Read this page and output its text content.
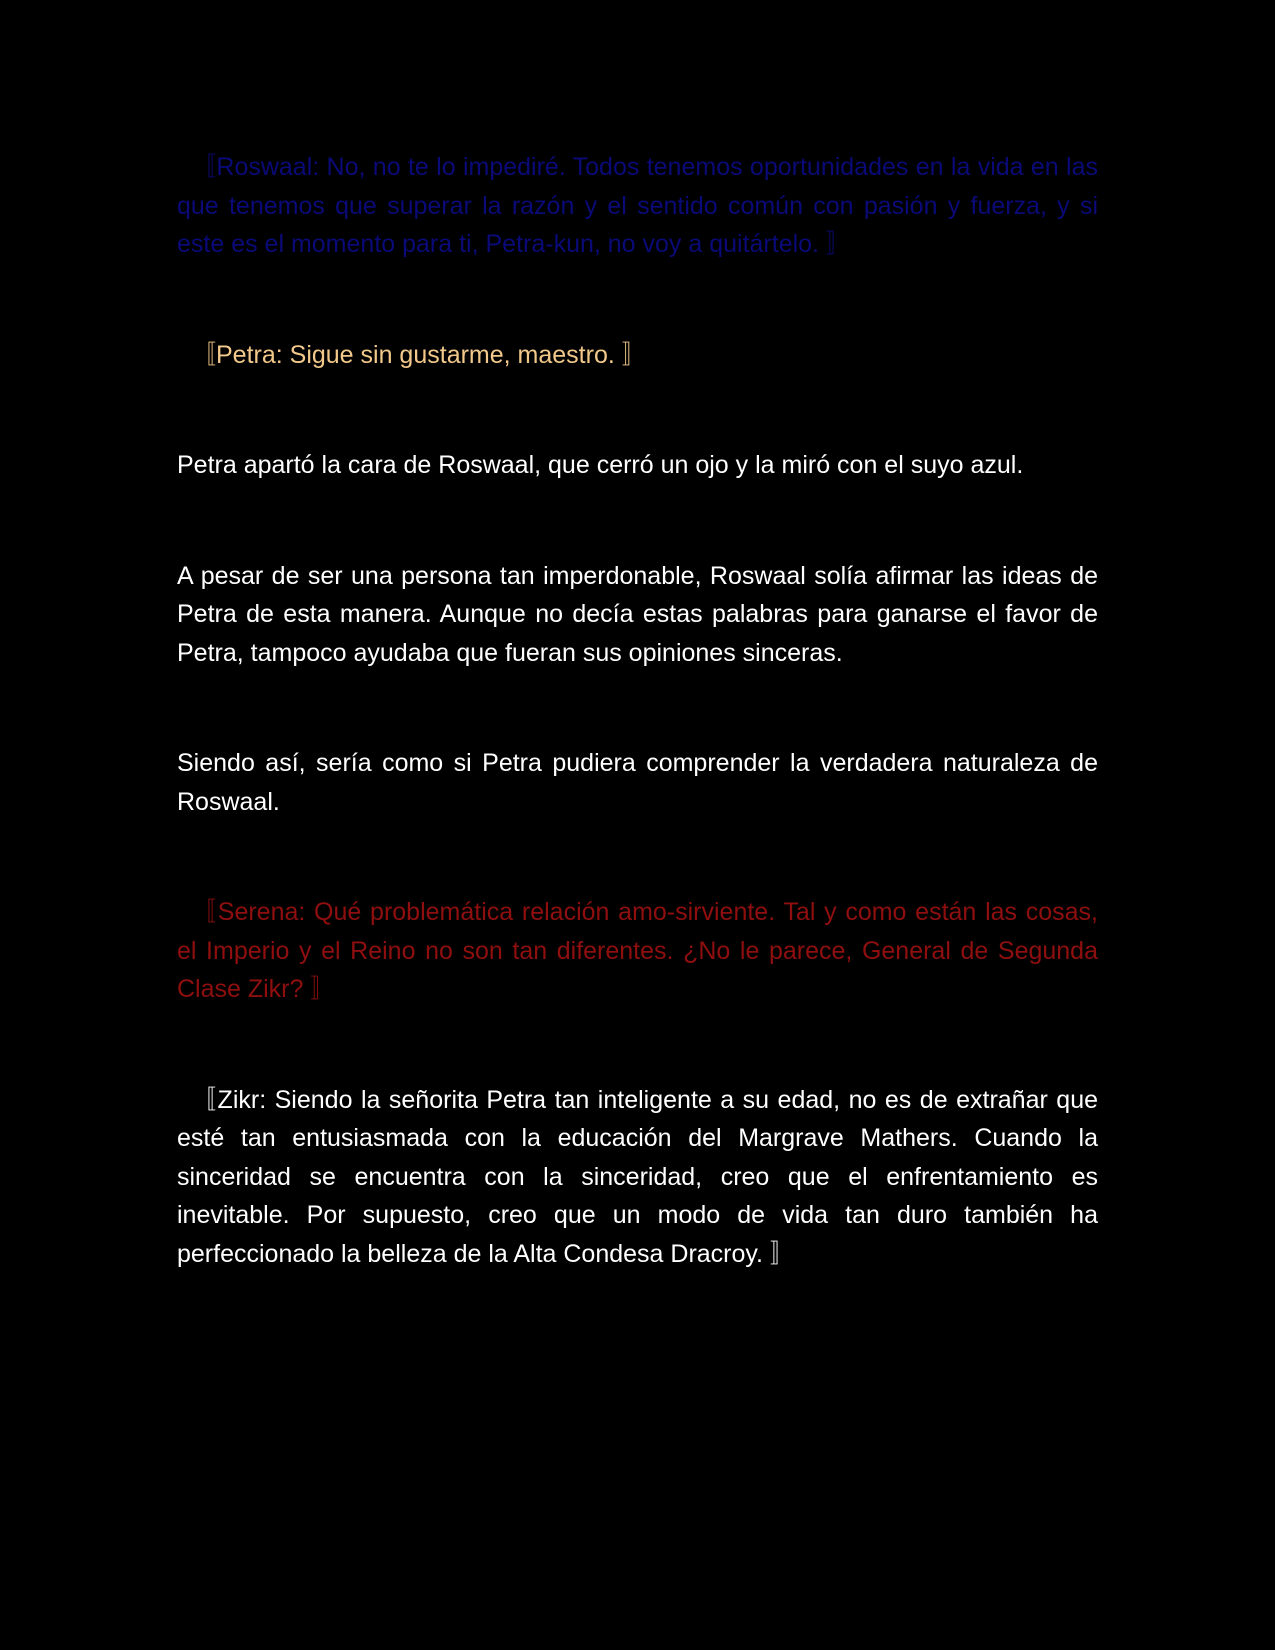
〚Roswaal: No, no te lo impediré. Todos tenemos oportunidades en la vida en las que tenemos que superar la razón y el sentido común con pasión y fuerza, y si este es el momento para ti, Petra-kun, no voy a quitártelo. 〛

〚Petra: Sigue sin gustarme, maestro. 〛

Petra apartó la cara de Roswaal, que cerró un ojo y la miró con el suyo azul.

A pesar de ser una persona tan imperdonable, Roswaal solía afirmar las ideas de Petra de esta manera. Aunque no decía estas palabras para ganarse el favor de Petra, tampoco ayudaba que fueran sus opiniones sinceras.

Siendo así, sería como si Petra pudiera comprender la verdadera naturaleza de Roswaal.

〚Serena: Qué problemática relación amo-sirviente. Tal y como están las cosas, el Imperio y el Reino no son tan diferentes. ¿No le parece, General de Segunda Clase Zikr? 〛

〚Zikr: Siendo la señorita Petra tan inteligente a su edad, no es de extrañar que esté tan entusiasmada con la educación del Margrave Mathers. Cuando la sinceridad se encuentra con la sinceridad, creo que el enfrentamiento es inevitable. Por supuesto, creo que un modo de vida tan duro también ha perfeccionado la belleza de la Alta Condesa Dracroy. 〛
